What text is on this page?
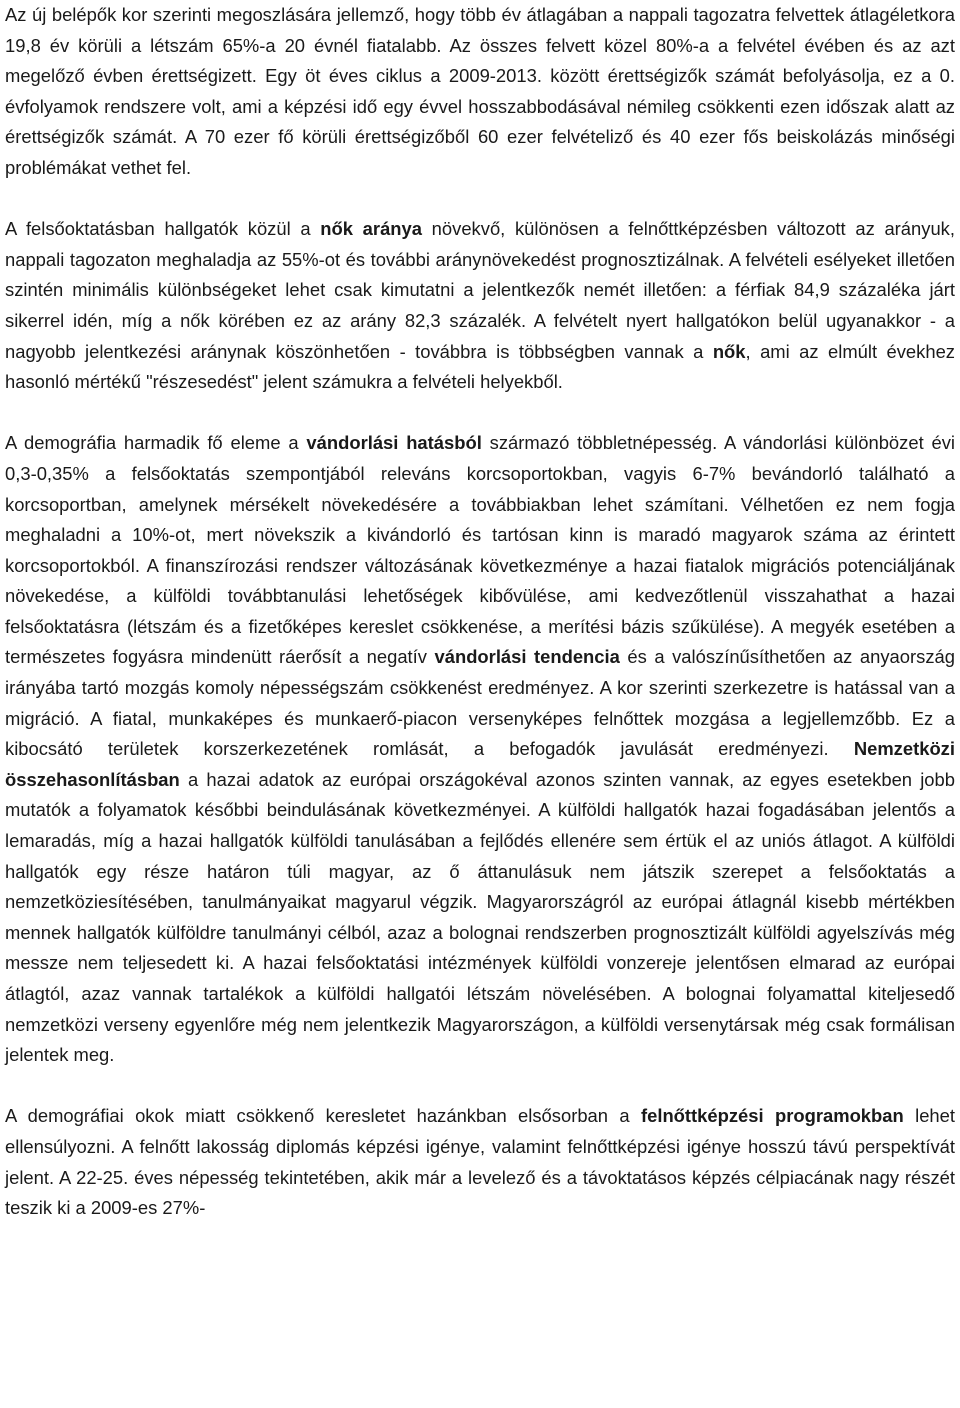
Az új belépők kor szerinti megoszlására jellemző, hogy több év átlagában a nappali tagozatra felvettek átlagéletkora 19,8 év körüli a létszám 65%-a 20 évnél fiatalabb. Az összes felvett közel 80%-a a felvétel évében és az azt megelőző évben érettségizett. Egy öt éves ciklus a 2009-2013. között érettségizők számát befolyásolja, ez a 0. évfolyamok rendszere volt, ami a képzési idő egy évvel hosszabbodásával némileg csökkenti ezen időszak alatt az érettségizők számát. A 70 ezer fő körüli érettségizőből 60 ezer felvételiző és 40 ezer fős beiskolázás minőségi problémákat vethet fel.

A felsőoktatásban hallgatók közül a nők aránya növekvő, különösen a felnőttképzésben változott az arányuk, nappali tagozaton meghaladja az 55%-ot és további aránynövekedést prognosztizálnak. A felvételi esélyeket illetően szintén minimális különbségeket lehet csak kimutatni a jelentkezők nemét illetően: a férfiak 84,9 százaléka járt sikerrel idén, míg a nők körében ez az arány 82,3 százalék. A felvételt nyert hallgatókon belül ugyanakkor - a nagyobb jelentkezési aránynak köszönhetően - továbbra is többségben vannak a nők, ami az elmúlt évekhez hasonló mértékű "részesedést" jelent számukra a felvételi helyekből.

A demográfia harmadik fő eleme a vándorlási hatásból származó többletnépesség. A vándorlási különbözet évi 0,3-0,35% a felsőoktatás szempontjából releváns korcsoportokban, vagyis 6-7% bevándorló található a korcsoportban, amelynek mérsékelt növekedésére a továbbiakban lehet számítani. Vélhetően ez nem fogja meghaladni a 10%-ot, mert növekszik a kivándorló és tartósan kinn is maradó magyarok száma az érintett korcsoportokból. A finanszírozási rendszer változásának következménye a hazai fiatalok migrációs potenciáljának növekedése, a külföldi továbbtanulási lehetőségek kibővülése, ami kedvezőtlenül visszahathat a hazai felsőoktatásra (létszám és a fizetőképes kereslet csökkenése, a merítési bázis szűkülése). A megyék esetében a természetes fogyásra mindenütt ráerősít a negatív vándorlási tendencia és a valószínűsíthetően az anyaország irányába tartó mozgás komoly népességszám csökkenést eredményez. A kor szerinti szerkezetre is hatással van a migráció. A fiatal, munkaképes és munkaerő-piacon versenyképes felnőttek mozgása a legjellemzőbb. Ez a kibocsátó területek korszerkezetének romlását, a befogadók javulását eredményezi. Nemzetközi összehasonlításban a hazai adatok az európai országokéval azonos szinten vannak, az egyes esetekben jobb mutatók a folyamatok későbbi beindulásának következményei. A külföldi hallgatók hazai fogadásában jelentős a lemaradás, míg a hazai hallgatók külföldi tanulásában a fejlődés ellenére sem értük el az uniós átlagot. A külföldi hallgatók egy része határon túli magyar, az ő áttanulásuk nem játszik szerepet a felsőoktatás a nemzetköziesítésében, tanulmányaikat magyarul végzik. Magyarországról az európai átlagnál kisebb mértékben mennek hallgatók külföldre tanulmányi célból, azaz a bolognai rendszerben prognosztizált külföldi agyelszívás még messze nem teljesedett ki. A hazai felsőoktatási intézmények külföldi vonzereje jelentősen elmarad az európai átlagtól, azaz vannak tartalékok a külföldi hallgatói létszám növelésében. A bolognai folyamattal kiteljesedő nemzetközi verseny egyenlőre még nem jelentkezik Magyarországon, a külföldi versenytársak még csak formálisan jelentek meg.

A demográfiai okok miatt csökkenő keresletet hazánkban elsősorban a felnőttképzési programokban lehet ellensúlyozni. A felnőtt lakosság diplomás képzési igénye, valamint felnőttképzési igénye hosszú távú perspektívát jelent. A 22-25. éves népesség tekintetében, akik már a levelező és a távoktatásos képzés célpiacának nagy részét teszik ki a 2009-es 27%-
